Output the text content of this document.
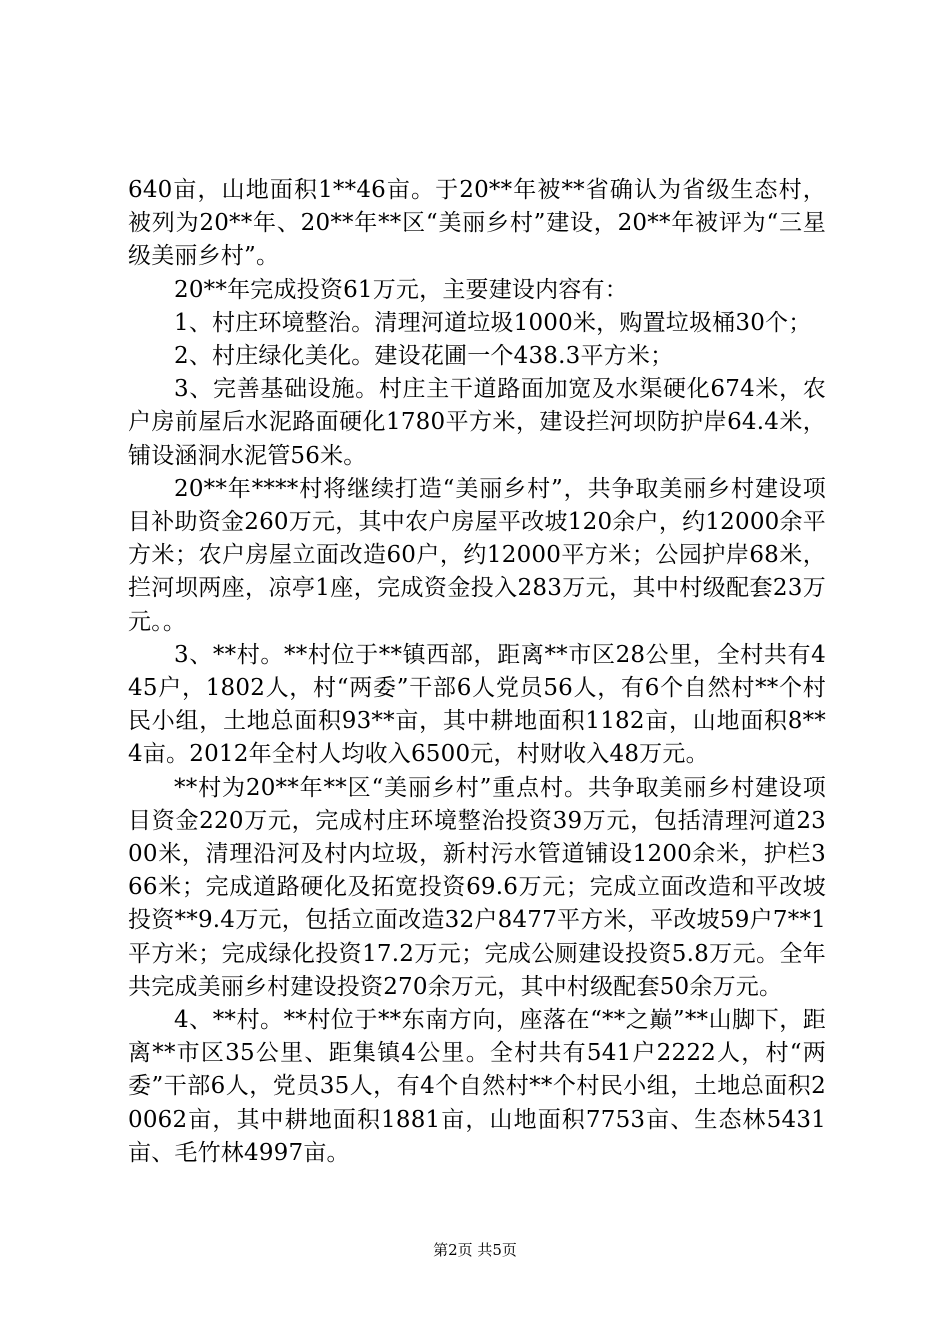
640亩，山地面积1**46亩。于20**年被**省确认为省级生态村，被列为20**年、20**年**区“美丽乡村”建设，20**年被评为“三星级美丽乡村”。

20**年完成投资61万元，主要建设内容有：

1、村庄环境整治。清理河道垃圾1000米，购置垃圾桶30个；

2、村庄绿化美化。建设花圃一个438.3平方米；

3、完善基础设施。村庄主干道路面加宽及水渠硬化674米，农户房前屋后水泥路面硬化1780平方米，建设拦河坝防护岸64.4米，铺设涵洞水泥管56米。

20**年****村将继续打造“美丽乡村”，共争取美丽乡村建设项目补助资金260万元，其中农户房屋平改坡120余户，约12000余平方米；农户房屋立面改造60户，约12000平方米；公园护岸68米，拦河坝两座，凉亭1座，完成资金投入283万元，其中村级配套23万元。。

3、**村。**村位于**镇西部，距离**市区28公里，全村共有445户，1802人，村“两委”干部6人党员56人，有6个自然村**个村民小组，土地总面积93**亩，其中耕地面积1182亩，山地面积8**4亩。2012年全村人均收入6500元，村财收入48万元。

**村为20**年**区“美丽乡村”重点村。共争取美丽乡村建设项目资金220万元，完成村庄环境整治投资39万元，包括清理河道2300米，清理沿河及村内垃圾，新村污水管道铺设1200余米，护栏366米；完成道路硬化及拓宽投资69.6万元；完成立面改造和平改坡投资**9.4万元，包括立面改造32户8477平方米，平改坡59户7**1平方米；完成绿化投资17.2万元；完成公厕建设投资5.8万元。全年共完成美丽乡村建设投资270余万元，其中村级配套50余万元。

4、**村。**村位于**东南方向，座落在“**之巅”**山脚下，距离**市区35公里、距集镇4公里。全村共有541户2222人，村“两委”干部6人，党员35人，有4个自然村**个村民小组，土地总面积20062亩，其中耕地面积1881亩，山地面积7753亩、生态林5431亩、毛竹林4997亩。

第2页 共5页
